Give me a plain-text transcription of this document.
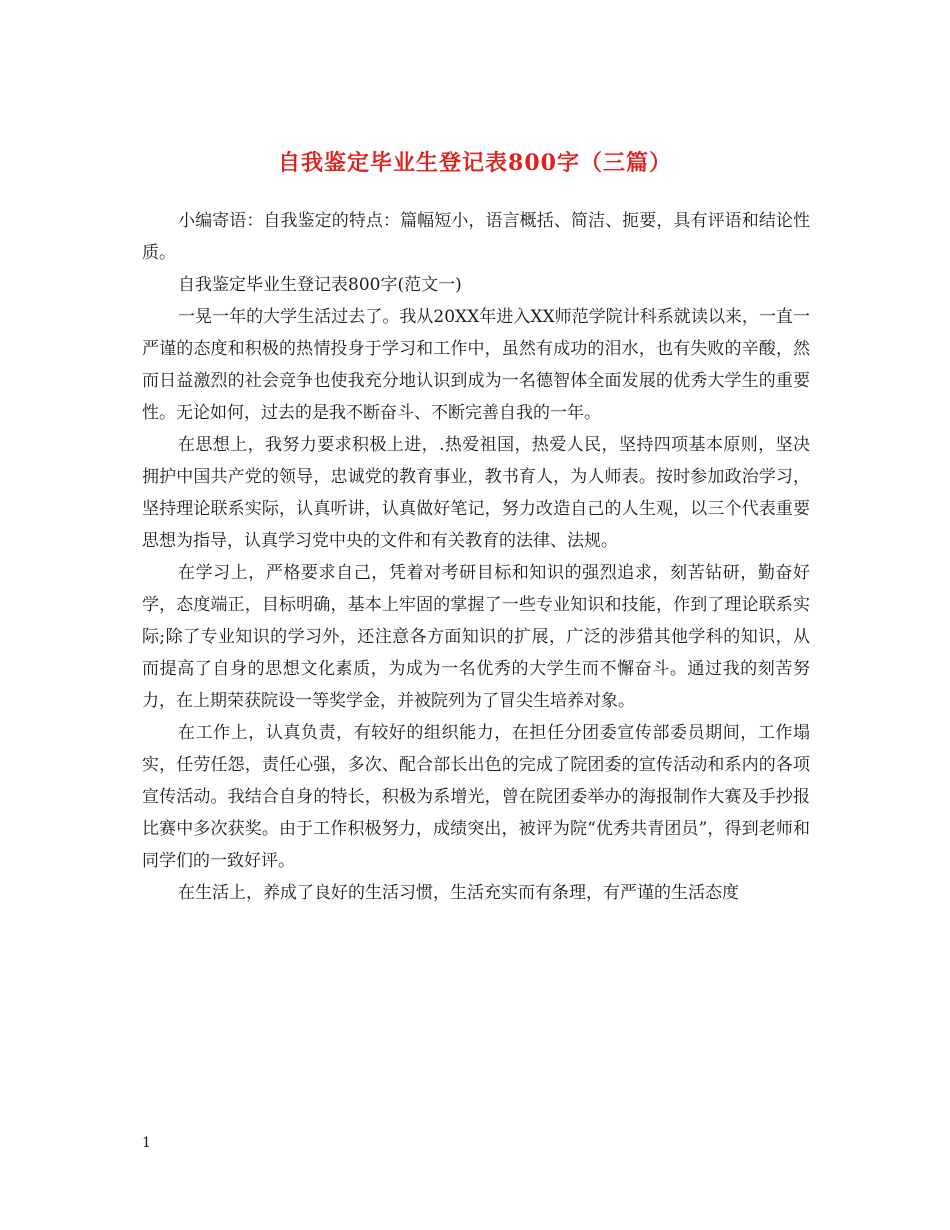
自我鉴定毕业生登记表800字（三篇）

小编寄语：自我鉴定的特点：篇幅短小，语言概括、简洁、扼要，具有评语和结论性质。

自我鉴定毕业生登记表800字(范文一)

一晃一年的大学生活过去了。我从20XX年进入XX师范学院计科系就读以来，一直一严谨的态度和积极的热情投身于学习和工作中，虽然有成功的泪水，也有失败的辛酸，然而日益激烈的社会竞争也使我充分地认识到成为一名德智体全面发展的优秀大学生的重要性。无论如何，过去的是我不断奋斗、不断完善自我的一年。

在思想上，我努力要求积极上进，.热爱祖国，热爱人民，坚持四项基本原则，坚决拥护中国共产党的领导，忠诚党的教育事业，教书育人，为人师表。按时参加政治学习，坚持理论联系实际，认真听讲，认真做好笔记，努力改造自己的人生观，以三个代表重要思想为指导，认真学习党中央的文件和有关教育的法律、法规。

在学习上，严格要求自己，凭着对考研目标和知识的强烈追求，刻苦钻研，勤奋好学，态度端正，目标明确，基本上牢固的掌握了一些专业知识和技能，作到了理论联系实际;除了专业知识的学习外，还注意各方面知识的扩展，广泛的涉猎其他学科的知识，从而提高了自身的思想文化素质，为成为一名优秀的大学生而不懈奋斗。通过我的刻苦努力，在上期荣获院设一等奖学金，并被院列为了冒尖生培养对象。

在工作上，认真负责，有较好的组织能力，在担任分团委宣传部委员期间，工作塌实，任劳任怨，责任心强，多次、配合部长出色的完成了院团委的宣传活动和系内的各项宣传活动。我结合自身的特长，积极为系增光，曾在院团委举办的海报制作大赛及手抄报比赛中多次获奖。由于工作积极努力，成绩突出，被评为院“优秀共青团员”，得到老师和同学们的一致好评。

在生活上，养成了良好的生活习惯，生活充实而有条理，有严谨的生活态度

1
